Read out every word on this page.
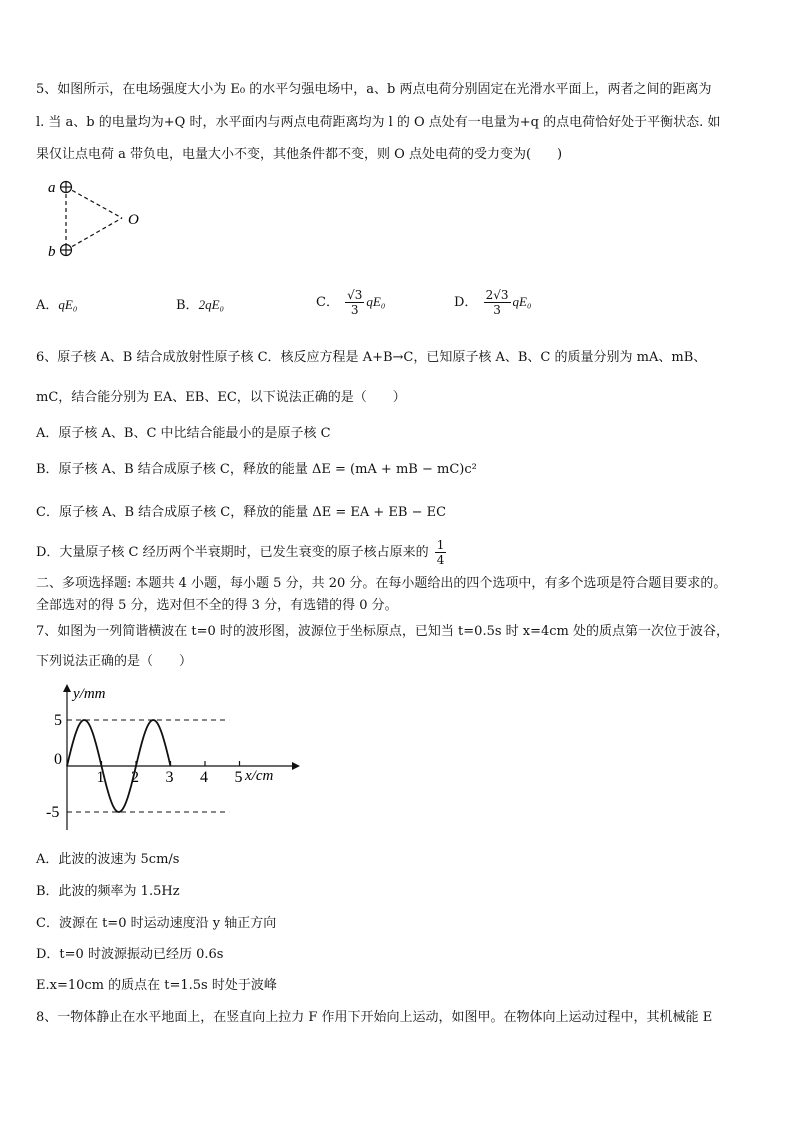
5、如图所示，在电场强度大小为 E₀ 的水平匀强电场中，a、b 两点电荷分别固定在光滑水平面上，两者之间的距离为
l. 当 a、b 的电量均为+Q 时，水平面内与两点电荷距离均为 l 的 O 点处有一电量为+q 的点电荷恰好处于平衡状态. 如
果仅让点电荷 a 带负电，电量大小不变，其他条件都不变，则 O 点处电荷的受力变为(　　)
a
b
O
A．qE₀	B．2qE₀	C． $\frac{√3}{3} qE_0$	D． $\frac{2√3}{3} qE_0$
6、原子核 A、B 结合成放射性原子核 C．核反应方程是 A+B→C，已知原子核 A、B、C 的质量分别为 mA、mB、
mC，结合能分别为 EA、EB、EC，以下说法正确的是（　　）
A．原子核 A、B、C 中比结合能最小的是原子核 C
B．原子核 A、B 结合成原子核 C，释放的能量 ΔE = (mA + mB − mC)c²
C．原子核 A、B 结合成原子核 C，释放的能量 ΔE = EA + EB − EC
D．大量原子核 C 经历两个半衰期时，已发生衰变的原子核占原来的 $\frac{1}{4}$
二、多项选择题: 本题共 4 小题，每小题 5 分，共 20 分。在每小题给出的四个选项中，有多个选项是符合题目要求的。
全部选对的得 5 分，选对但不全的得 3 分，有选错的得 0 分。
7、如图为一列简谐横波在 t=0 时的波形图，波源位于坐标原点，已知当 t=0.5s 时 x=4cm 处的质点第一次位于波谷，
下列说法正确的是（　　）
y/mm
x/cm
1 2 3 4 5
5
0
-5
A．此波的波速为 5cm/s
B．此波的频率为 1.5Hz
C．波源在 t=0 时运动速度沿 y 轴正方向
D．t=0 时波源振动已经历 0.6s
E.x=10cm 的质点在 t=1.5s 时处于波峰
8、一物体静止在水平地面上，在竖直向上拉力 F 作用下开始向上运动，如图甲。在物体向上运动过程中，其机械能 E
